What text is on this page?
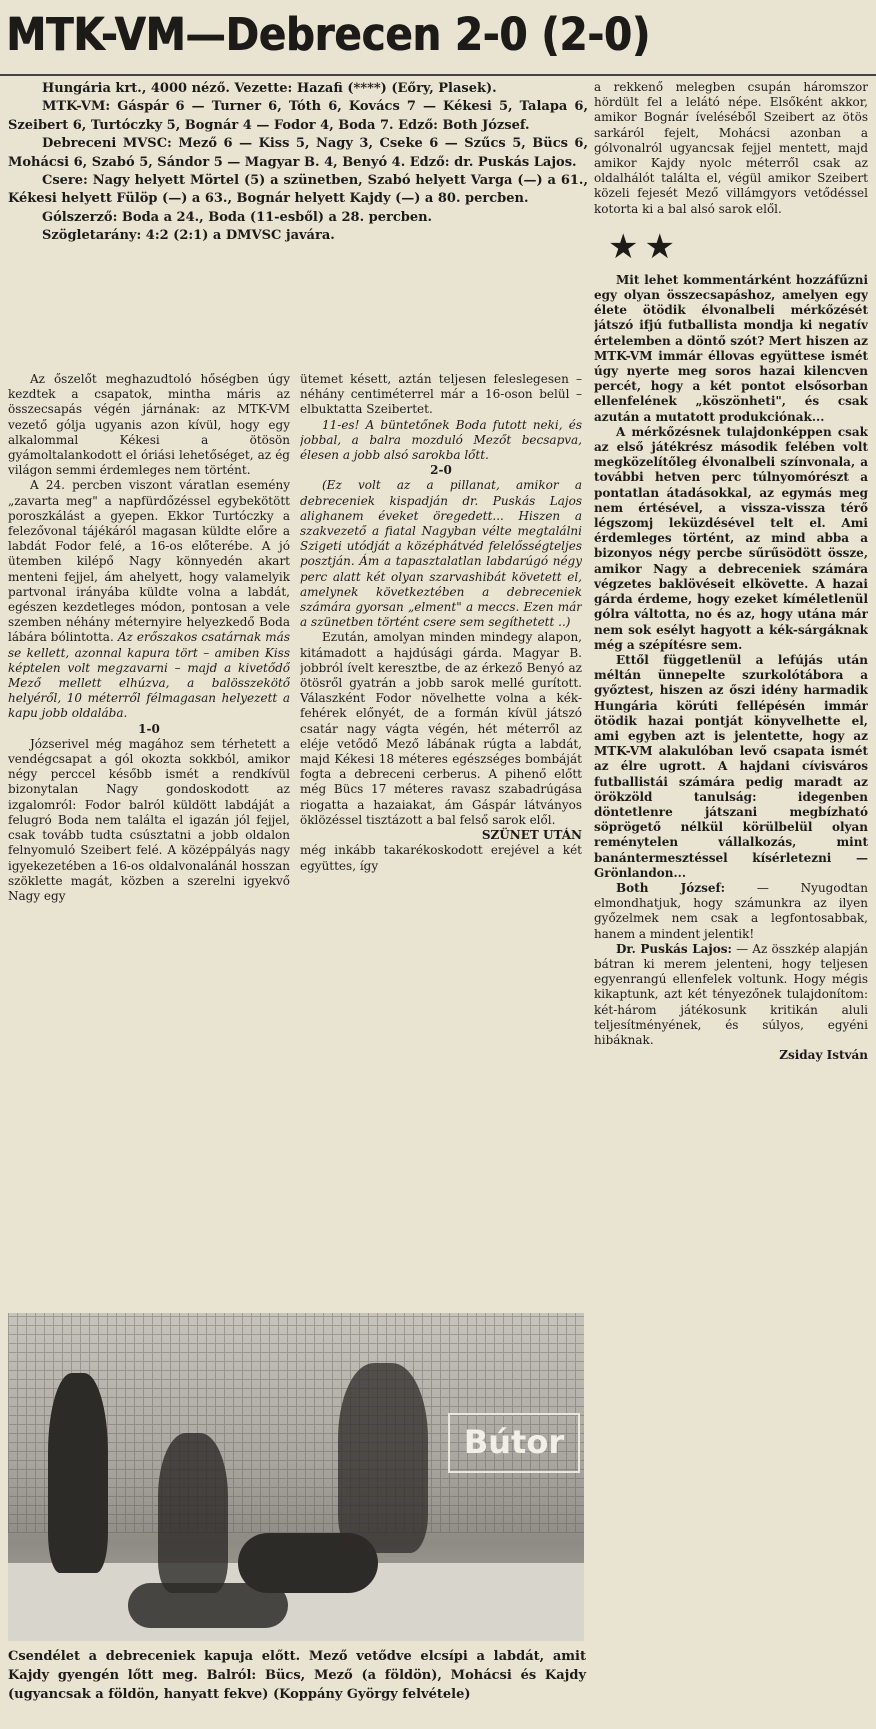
MTK-VM—Debrecen 2-0 (2-0)

Hungária krt., 4000 néző. Vezette: Hazafi (****) (Eőry, Plasek).

MTK-VM: Gáspár 6 — Turner 6, Tóth 6, Kovács 7 — Kékesi 5, Talapa 6, Szeibert 6, Turtóczky 5, Bognár 4 — Fodor 4, Boda 7. Edző: Both József.

Debreceni MVSC: Mező 6 — Kiss 5, Nagy 3, Cseke 6 — Szűcs 5, Bücs 6, Mohácsi 6, Szabó 5, Sándor 5 — Magyar B. 4, Benyó 4. Edző: dr. Puskás Lajos.

Csere: Nagy helyett Mörtel (5) a szünetben, Szabó helyett Varga (—) a 61., Kékesi helyett Fülöp (—) a 63., Bognár helyett Kajdy (—) a 80. percben.

Gólszerző: Boda a 24., Boda (11-esből) a 28. percben.

Szögletarány: 4:2 (2:1) a DMVSC javára.

Az őszelőt meghazudtoló hőségben úgy kezdtek a csapatok, mintha máris az összecsapás végén járnának: az MTK-VM vezető gólja ugyanis azon kívül, hogy egy alkalommal Kékesi a ötösön gyámoltalankodott el óriási lehetőséget, az ég világon semmi érdemleges nem történt.

A 24. percben viszont váratlan esemény „zavarta meg" a napfürdőzéssel egybekötött poroszkálást a gyepen. Ekkor Turtóczky a felezővonal tájékáról magasan küldte előre a labdát Fodor felé, a 16-os előterébe. A jó ütemben kilépő Nagy könnyedén akart menteni fejjel, ám ahelyett, hogy valamelyik partvonal irányába küldte volna a labdát, egészen kezdetleges módon, pontosan a vele szemben néhány méternyire helyezkedő Boda lábára bólintotta. Az erőszakos csatárnak más se kellett, azonnal kapura tört – amiben Kiss képtelen volt megzavarni – majd a kivetődő Mező mellett elhúzva, a balösszekötő helyéről, 10 méterről félmagasan helyezett a kapu jobb oldalába.

1-0

Józserivel még magához sem térhetett a vendégcsapat a gól okozta sokkból, amikor négy perccel később ismét a rendkívül bizonytalan Nagy gondoskodott az izgalomról: Fodor balról küldött labdáját a felugró Boda nem találta el igazán jól fejjel, csak tovább tudta csúsztatni a jobb oldalon felnyomuló Szeibert felé. A középpályás nagy igyekezetében a 16-os oldalvonalánál hosszan szöklette magát, közben a szerelni igyekvő Nagy egy

ütemet késett, aztán teljesen feleslegesen – néhány centiméterrel már a 16-oson belül – elbuktatta Szeibertet.

11-es! A büntetőnek Boda futott neki, és jobbal, a balra mozduló Mezőt becsapva, élesen a jobb alsó sarokba lőtt.

2-0

(Ez volt az a pillanat, amikor a debreceniek kispadján dr. Puskás Lajos alighanem éveket öregedett... Hiszen a szakvezető a fiatal Nagyban vélte megtalálni Szigeti utódját a középhátvéd felelősségteljes posztján. Ám a tapasztalatlan labdarúgó négy perc alatt két olyan szarvashibát követett el, amelynek következtében a debreceniek számára gyorsan „elment" a meccs. Ezen már a szünetben történt csere sem segíthetett ..)

Ezután, amolyan minden mindegy alapon, kitámadott a hajdúsági gárda. Magyar B. jobbról ívelt keresztbe, de az érkező Benyó az ötösről gyatrán a jobb sarok mellé gurított. Válaszként Fodor növelhette volna a kék-fehérek előnyét, de a formán kívül játszó csatár nagy vágta végén, hét méterről az eléje vetődő Mező lábának rúgta a labdát, majd Kékesi 18 méteres egészséges bombáját fogta a debreceni cerberus. A pihenő előtt még Bücs 17 méteres ravasz szabadrúgása riogatta a hazaiakat, ám Gáspár látványos öklözéssel tisztázott a bal felső sarok elől.

SZÜNET UTÁN

még inkább takarékoskodott erejével a két együttes, így

Bútor
Csendélet a debreceniek kapuja előtt. Mező vetődve elcsípi a labdát, amit Kajdy gyengén lőtt meg. Balról: Bücs, Mező (a földön), Mohácsi és Kajdy (ugyancsak a földön, hanyatt fekve) (Koppány György felvétele)

a rekkenő melegben csupán háromszor hördült fel a lelátó népe. Elsőként akkor, amikor Bognár íveléséből Szeibert az ötös sarkáról fejelt, Mohácsi azonban a gólvonalról ugyancsak fejjel mentett, majd amikor Kajdy nyolc méterről csak az oldalhálót találta el, végül amikor Szeibert közeli fejesét Mező villámgyors vetődéssel kotorta ki a bal alsó sarok elől.

★★

Mit lehet kommentárként hozzáfűzni egy olyan összecsapáshoz, amelyen egy élete ötödik élvonalbeli mérkőzését játszó ifjú futballista mondja ki negatív értelemben a döntő szót? Mert hiszen az MTK-VM immár éllovas együttese ismét úgy nyerte meg soros hazai kilencven percét, hogy a két pontot elsősorban ellenfelének „köszönheti", és csak azután a mutatott produkciónak...

A mérkőzésnek tulajdonképpen csak az első játékrész második felében volt megközelítőleg élvonalbeli színvonala, a további hetven perc túlnyomórészt a pontatlan átadásokkal, az egymás meg nem értésével, a vissza-vissza térő légszomj leküzdésével telt el. Ami érdemleges történt, az mind abba a bizonyos négy percbe sűrűsödött össze, amikor Nagy a debreceniek számára végzetes baklövéseit elkövette. A hazai gárda érdeme, hogy ezeket kíméletlenül gólra váltotta, no és az, hogy utána már nem sok esélyt hagyott a kék-sárgáknak még a szépítésre sem.

Ettől függetlenül a lefújás után méltán ünnepelte szurkolótábora a győztest, hiszen az őszi idény harmadik Hungária körúti fellépésén immár ötödik hazai pontját könyvelhette el, ami egyben azt is jelentette, hogy az MTK-VM alakulóban levő csapata ismét az élre ugrott. A hajdani cívisváros futballistái számára pedig maradt az örökzöld tanulság: idegenben döntetlenre játszani megbízható söprögető nélkül körülbelül olyan reménytelen vállalkozás, mint banántermesztéssel kísérletezni — Grönlandon...

Both József:	— Nyugodtan elmondhatjuk, hogy számunkra az ilyen győzelmek nem csak a legfontosabbak, hanem a mindent jelentik!

Dr. Puskás Lajos: — Az összkép alapján bátran ki merem jelenteni, hogy teljesen egyenrangú ellenfelek voltunk. Hogy mégis kikaptunk, azt két tényezőnek tulajdonítom: két-három játékosunk kritikán aluli teljesítményének, és súlyos, egyéni hibáknak.

Zsiday István
